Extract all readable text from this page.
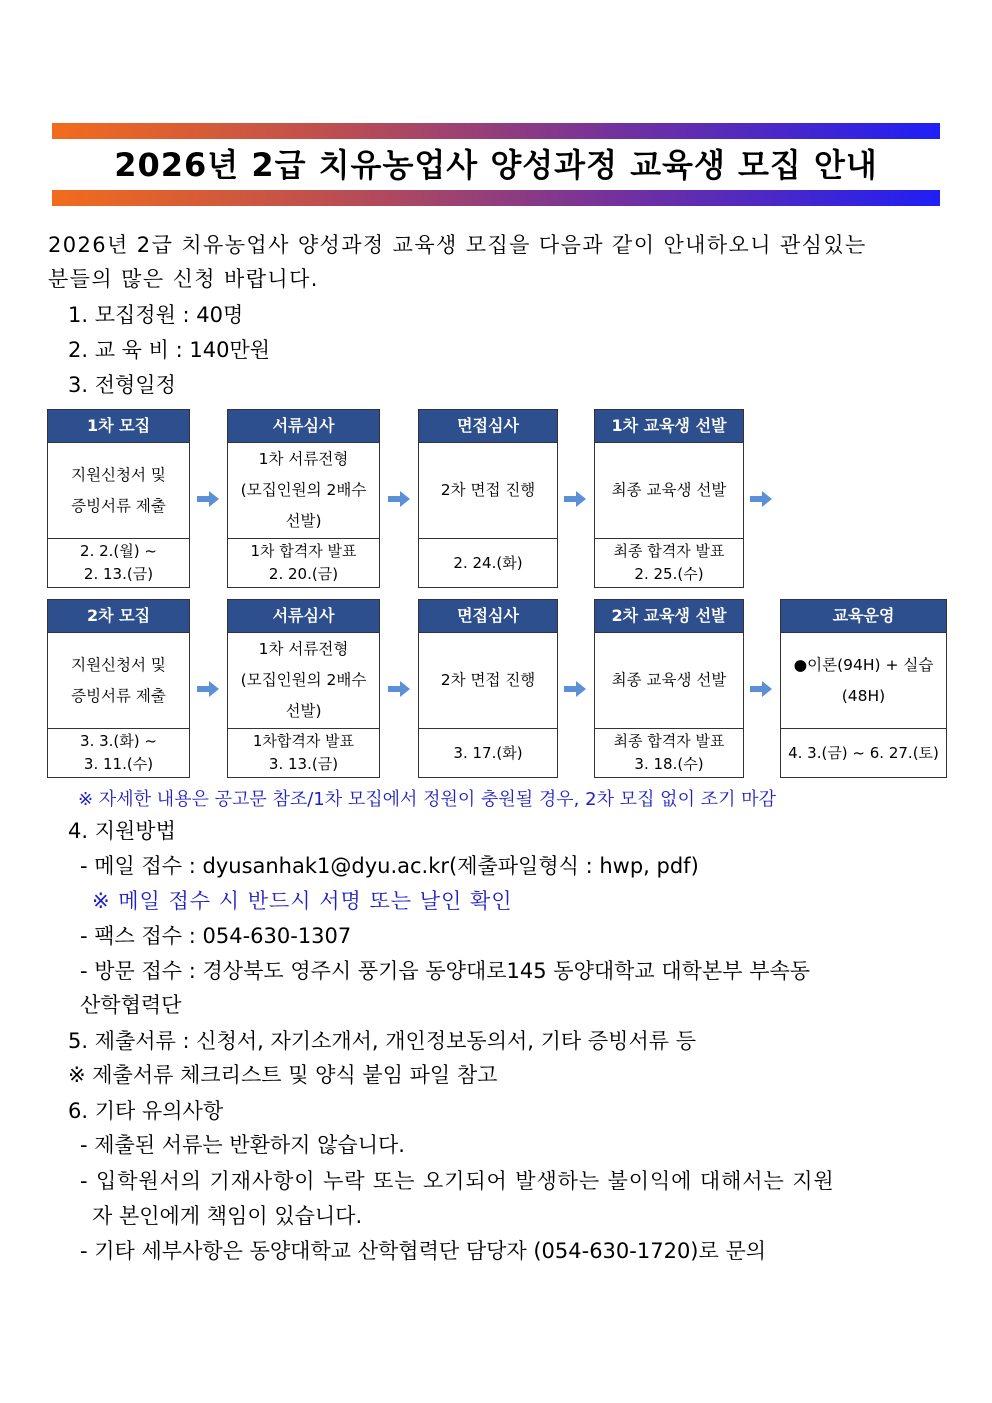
2026년 2급 치유농업사 양성과정 교육생 모집 안내
2026년 2급 치유농업사 양성과정 교육생 모집을 다음과 같이 안내하오니 관심있는
분들의 많은 신청 바랍니다.
1. 모집정원 : 40명
2. 교 육 비 : 140만원
3. 전형일정
1차 모집
지원신청서 및
증빙서류 제출
2. 2.(월) ~
2. 13.(금)
서류심사
1차 서류전형
(모집인원의 2배수
선발)
1차 합격자 발표
2. 20.(금)
면접심사
2차 면접 진행
2. 24.(화)
1차 교육생 선발
최종 교육생 선발
최종 합격자 발표
2. 25.(수)
2차 모집
지원신청서 및
증빙서류 제출
3. 3.(화) ~
3. 11.(수)
서류심사
1차 서류전형
(모집인원의 2배수
선발)
1차합격자 발표
3. 13.(금)
면접심사
2차 면접 진행
3. 17.(화)
2차 교육생 선발
최종 교육생 선발
최종 합격자 발표
3. 18.(수)
교육운영
●이론(94H) + 실습(48H)
4. 3.(금) ~ 6. 27.(토)
※ 자세한 내용은 공고문 참조/1차 모집에서 정원이 충원될 경우, 2차 모집 없이 조기 마감
4. 지원방법
- 메일 접수 : dyusanhak1@dyu.ac.kr(제출파일형식 : hwp, pdf)
※ 메일 접수 시 반드시 서명 또는 날인 확인
- 팩스 접수 : 054-630-1307
- 방문 접수 : 경상북도 영주시 풍기읍 동양대로145 동양대학교 대학본부 부속동
산학협력단
5. 제출서류 : 신청서, 자기소개서, 개인정보동의서, 기타 증빙서류 등
※ 제출서류 체크리스트 및 양식 붙임 파일 참고
6. 기타 유의사항
- 제출된 서류는 반환하지 않습니다.
- 입학원서의 기재사항이 누락 또는 오기되어 발생하는 불이익에 대해서는 지원
자 본인에게 책임이 있습니다.
- 기타 세부사항은 동양대학교 산학협력단 담당자 (054-630-1720)로 문의
